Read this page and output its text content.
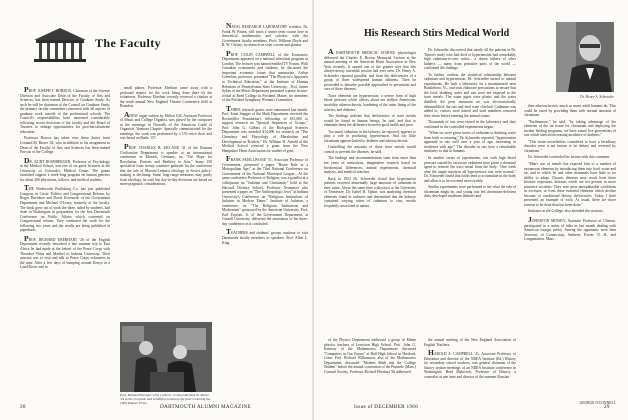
The Faculty

PROF. JOSEPH T. HORROX, Chairman of the Science Division and Associate Dean of the Faculty of Arts and Sciences, has been named Director of Graduate Study. As such he will be chairman of the Council on Graduate Study, the primary faculty committee concerned with all aspects of graduate work outside of the professional schools. The Council's responsibilities have increased considerably following recent decisions of the faculty and the Board of Trustees to enlarge opportunities for post-baccalaureate education.

Professor Horrox has taken over these duties from Leonard M. Rieser '44, who in addition to his assignment as Dean of the Faculty of Arts and Sciences has been named Provost of the College.

DR. KURT ROSNBERGER, Professor of Psychology at the Medical School, was one of six guest lecturers at the University of Colorado's Medical Center. The grants furnished support a week-long program on human genetics for about 200 physicians, fellows, and medical students.

THE Wadsworth Publishing Co. has just published Congress in Crisis: Politics and Congressional Reform, by Roger Davidson and David Kovenock of the Government Department and Michael O'Leary, formerly of the faculty. The book grew out of work the three, aided by students, had done in Washington in preparation for the first Dartmouth Conference on Public Affairs which convened on Congressional reform. They continued the work for the following two years and the results are being published in paperback.

PROF. RICHARD EBERHART '26 of the English Department recently described a late summer trip to East Africa he had made at the behest of the Peace Corps with Theodore Watts and Maribel of Indiana University. Their mission was to visit and talk to Peace Corps volunteers in the area. After a few days of bumping around Kenya in a Land Rover and in

small planes, Professor Eberhart came away with a profound respect for the work being done there by the volunteers. Professor Eberhart recently received a citation at the tenth annual New England Theatre Conference held at Brandeis.

ANEW organ written by Milton Gill, Assistant Professor of Music and College Organist, was played by the composer at the meetings in Norwalk of the American Guild of Organists' Vermont Chapter. Specially commissioned for the meetings, the work was performed by a 155-voice choir and was heard on Radio 157.

PROF. CHARLES B. MCLANE '41 of the Russian Civilization Department is speaker at an international conference in Munich, Germany, on "The Hope for Revolution. Protests and Realities in Asia." Some 150 specialists from twenty countries gathered for the conference that the tale of Marxist-Leninist ideology in Soviet policy-making is declining. Some long-range measures may partly from ideology, he said, but day-to-day decisions are based on more pragmatic considerations.

Prof. Richard Eberhart '26 (r) with Lt. Colonel Richard W. Morin '24 at the reception and exhibition honoring the poet's winning the 1966 Pulitzer Prize.

NAVAL RESEARCH LABORATORY scientist, Dr. Frank W. Patten, will teach a winter term course here in theoretical mathematics and calculus with the Government faculty members, Profs. Wilburn Doyle and R. W. Christy, in research on solar corona and plasma.

PROF. COLIN CAMPBELL of the Economics Department appeared on a national television program in London. The lecturer was named entitled TV Forum, With Canadian economists and students, he discussed the important economic issues that summarize. Arthur Cornelius, professor, presented "The Physicist's Approach to Technical Education," at the Institute of Human Relations of Pennsylvania State University... Prof. James Sykes of the Music Department presented a piano lecture-recital at Reed College in Portland, Maine, for members of the Portland Symphony Woman's Committee.

THREE research grants were announced last month. Prof. Ernst Stagger of the Math Department received the Rockefeller Foundation's fellowship of $15,000 to support research on "Spectral Sequences of Groups." Prof. John G. Gilbert of the Biological Sciences Department was awarded $14,000 for research on "The Chemistry and Physiology of Metabolism and Development in Rotifers." Dr. William D. Arnold of the Medical School received a grant from the New Hampshire Heart Association for studies of gout.

FRANK SMALLWOOD '51, Associate Professor of Government, presented a paper "Home Rule in a Metropolitan Age," at the 72nd National Conference on Government of the National Municipal League... At the same conference Professor of Religion, was a panelist at a colloquium on "Judaism and Christianity" held at the Harvard Divinity School. Professor Neumeyer also presented a paper on "The Anthropologic Jews" at Indiana University's Conference on "Religious Institutions of Judaism in Modern Times." Institute of Judaism, a conference on "The Religious Institutions and Modernism" sponsored by the American University. Prof. Earl Zayrian, Jr. of the Government Department, at Cornell University, delivered the annotation of the three-day conference as it concluded.

TEACHERS and students' groups continue to visit Dartmouth faculty members as speakers. Prof. Allen L. King

28	DARTMOUTH ALUMNI MAGAZINE
His Research Stirs Medical World
Dr. Henry A. Schroeder

A DARTMOUTH MEDICAL SCHOOL physiologist delivered the Charles E. Brown Memorial Lecture at the annual meeting of the American Heart Association in New York recently. It caused one of the greater stirs that this always-newsy intertidal session had ever seen. Dr. Henry A. Schroeder reported possible, and from the deficiencies of a group of three widespread human ailments. Then he proceeded to describe possible approaches to prevention and cure of these diseases.

Trace elements are hypertension, a severe form of high blood pressure which affects about ten million Americans; mortality, atherosclerosis, hardening of the inner lining of the arteries; and diabetes.

The findings indicate that deficiencies of trace metals would be found in human beings, he said, and that to eliminate these the difference between good health and poor.

Too much cadmium in the kidneys, he reported, appears to play a role in producing hypertension. And too little chromium appears linked to diabetes and atherosclerosis.

Controlling the amounts of these trace metals would control or prevent the diseases, he said.

The findings and recommendations stem from more than ten years of meticulous, imaginative research based on biochemical differences, animal experiments, chemical analysis, and medical searches.

Back in 1953 Dr. Schroeder found that hypertensive patients excreted abnormally large amounts of cadmium in their urine. About the same time a physicist at the University of Tennessee, Dr. Isabel H. Tipton, was analyzing chemical elements found in cadavers and determined that the kidneys contained varying ratios of cadmium to zinc, metals frequently associated in nature.

Dr. Schroeder discovered that nearly all the patients in Dr. Tipton's study who had died of hypertension had remarkably high cadmium-to-zinc ratios... a dozen fathers of other kidneys — many from primitive parts of the world — confirmed the findings.

To further confirm the statistical relationship between cadmium and hypertension, Dr. Schroeder turned to animal experiments. He built a laboratory on a mountainside near Brattleboro, Vt., and took elaborate precautions to ensure that the food, drinking water and rats were not exposed to the trace metals. The water pipes were plastic and the water distilled; the pens mountain air was electrostatically dehumidified; the rats and feed were checked. Cadmium was added to, visitors were barred and staff members removed their shoes before entering the animal rooms.

Thousands of rats were reared in the laboratory and they confirmed in the controlled experiments began.

"When we were given traces of cadmium in drinking water from birth or weaning," Dr. Schroeder reported, "hypertension appeared in rats well over a year of age, increasing in incidence with age." The disorder in rats bore a remarkable similarity to that in humans.

In another series of experiments, rats with high blood pressure caused by excessive cadmium were given a chemical agent to remove the trace metal from the body. "One week after the single injection all hypertensive rats were normal." Dr. Schroeder found that foods tend to accumulate in the body and allow it to be excreted more readily.

Similar experiments were performed to see what the role of chromium might be, and young rats fed chromium-deficient diets developed moderate diabetes and

then atherosclerosis, much as many adult humans do. This could be cured by providing them with normal amounts of chromium.

"Furthermore," he said, "by taking advantage of the elements of the rat tissue for chromium and deploying the mother feeding programs, we have raised five generations of rats which showed increasing incidence of diabetes."

"This strain nevertheless considered to have a hereditary disorder were it not known to be dietary and reversed by chromium."

Dr. Schroeder concluded his lecture with this comment:

"Man's use of metals has exposed him to a number of extraneous elements by introducing them into food, water and air, and to which he and other mammals have little or no ability to adapt. Chronic diseases may result from these lifetime exposures, diseases which are not present in more primitive societies. They now pose unexplainable conditions as excesses, or from these essential elements which decline because of conditional dietary deficiencies. Today I have presented an example of each. As usual, there are more reasons to be done than has been done."

Institutes at the College, also attended the sessions.

JOHNSTON MINSKY, Assistant Professor of Chinese, participated in a series of talks in last month dealing with American foreign policy. Among the opponents were then Secretary of Connecticut, Amherst, Exeter, N. H., and Longmeadow, Mass.

of the Physics Department addressed a group of Maine physics teachers at Lewiston High School. Prof. John G. Kemeny of the Mathematics Department discussed "Computers in Our Future" at Hall High School in Hartford, Conn. Prof. Richard Williamson, also of the Mathematics Department, discussed "Modern Math and the College Student" before the annual convention of the Pinnacle (Mass.) Counsel Society. Professor Richard Eberhart '26 addressed

the annual meeting of the New England Association of English Teachers.

HAROLD A. CAMPBELL '41, Associate Professor of Education and director of the NDEA Institute (Ed.) History for secondary school teachers, was general chairman of the history section meetings of an NDEA Institute conference in Washington. Brad Mahrcroft, Professor of History, a counselor at one time and director of the summer Russian

GEORGE O'CONNELL
Issue of DECEMBER 1966	29
